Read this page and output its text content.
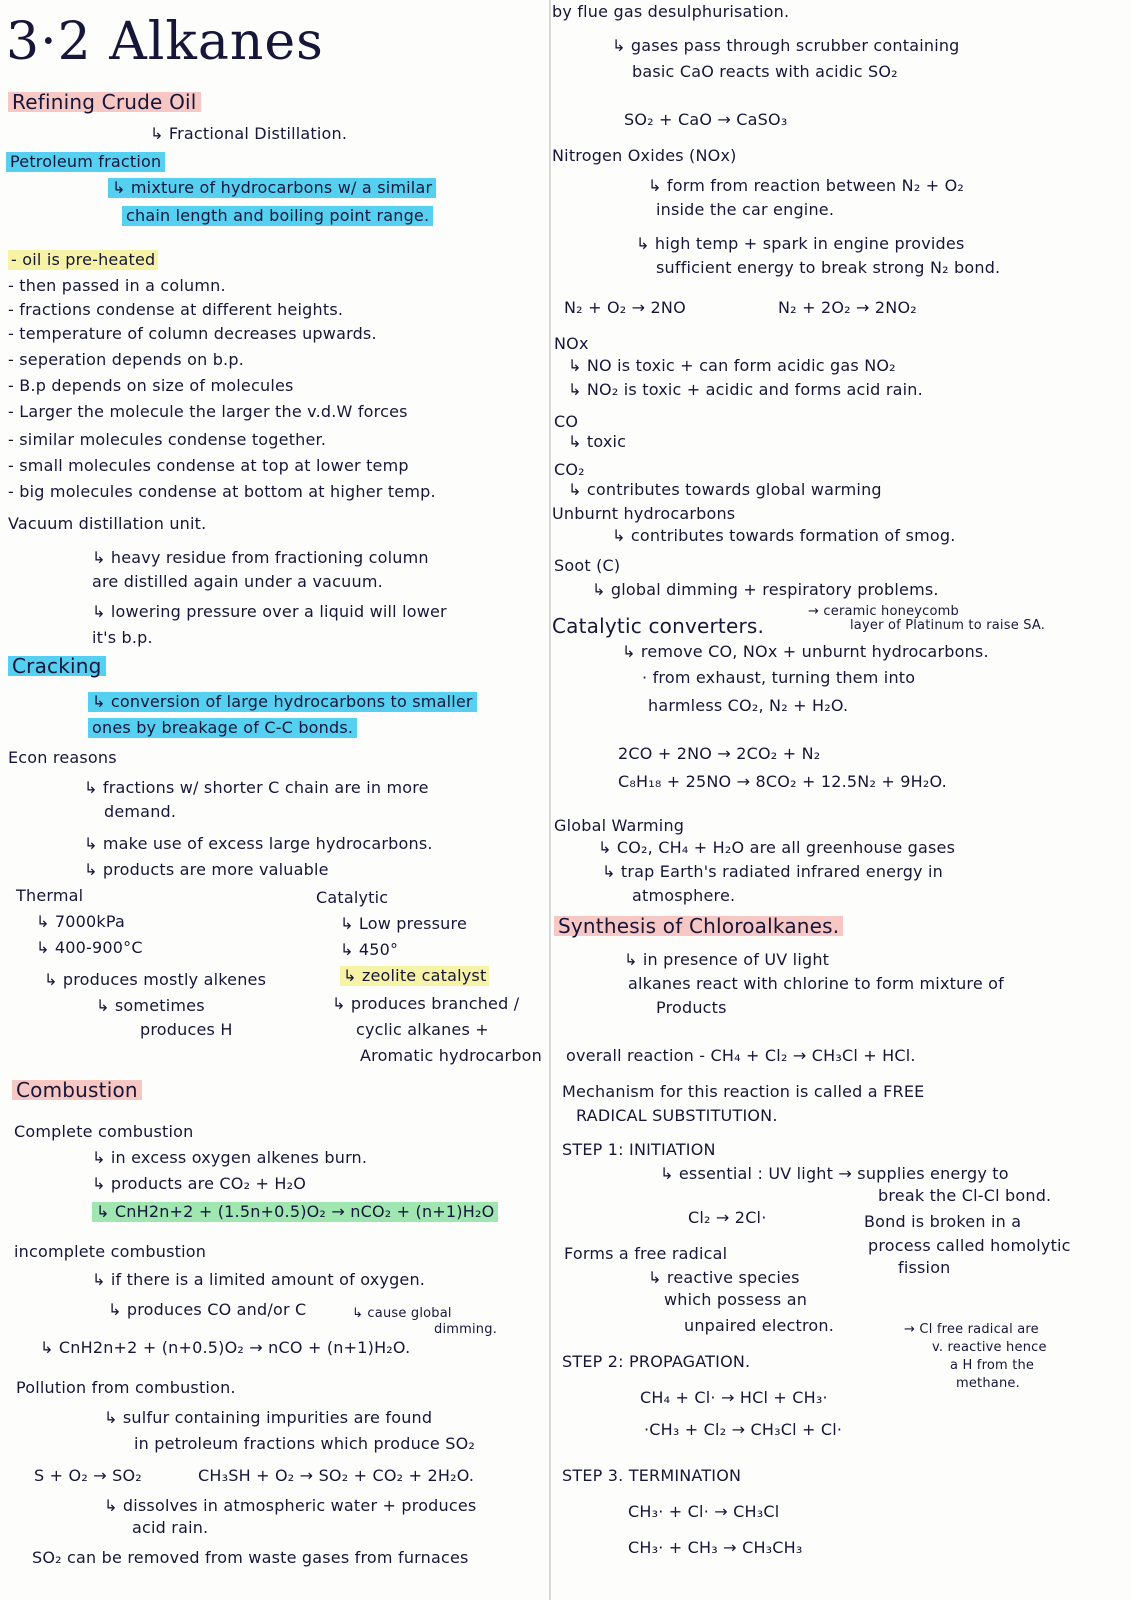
3·2 Alkanes
Refining Crude Oil
↳ Fractional Distillation.
Petroleum fraction
↳ mixture of hydrocarbons w/ a similar
chain length and boiling point range.
- oil is pre-heated
- then passed in a column.
- fractions condense at different heights.
- temperature of column decreases upwards.
- seperation depends on b.p.
- B.p depends on size of molecules
- Larger the molecule the larger the v.d.W forces
- similar molecules condense together.
- small molecules condense at top at lower temp
- big molecules condense at bottom at higher temp.
Vacuum distillation unit.
↳ heavy residue from fractioning column
are distilled again under a vacuum.
↳ lowering pressure over a liquid will lower
it's b.p.
Cracking
↳ conversion of large hydrocarbons to smaller
ones by breakage of C-C bonds.
Econ reasons
↳ fractions w/ shorter C chain are in more
demand.
↳ make use of excess large hydrocarbons.
↳ products are more valuable
Thermal
↳ 7000kPa
↳ 400-900°C
↳ produces mostly alkenes
↳ sometimes
produces H
Catalytic
↳ Low pressure
↳ 450°
↳ zeolite catalyst
↳ produces branched /
cyclic alkanes +
Aromatic hydrocarbon
Combustion
Complete combustion
↳ in excess oxygen alkenes burn.
↳ products are CO₂ + H₂O
↳ CnH2n+2 + (1.5n+0.5)O₂ → nCO₂ + (n+1)H₂O
incomplete combustion
↳ if there is a limited amount of oxygen.
↳ produces CO and/or C	↳ cause global
dimming.
↳ CnH2n+2 + (n+0.5)O₂ → nCO + (n+1)H₂O.
Pollution from combustion.
↳ sulfur containing impurities are found
in petroleum fractions which produce SO₂
S + O₂ → SO₂	CH₃SH + O₂ → SO₂ + CO₂ + 2H₂O.
↳ dissolves in atmospheric water + produces
acid rain.
SO₂ can be removed from waste gases from furnaces
by flue gas desulphurisation.
↳ gases pass through scrubber containing
basic CaO reacts with acidic SO₂
SO₂ + CaO → CaSO₃
Nitrogen Oxides (NOx)
↳ form from reaction between N₂ + O₂
inside the car engine.
↳ high temp + spark in engine provides
sufficient energy to break strong N₂ bond.
N₂ + O₂ → 2NO	N₂ + 2O₂ → 2NO₂
NOx
↳ NO is toxic + can form acidic gas NO₂
↳ NO₂ is toxic + acidic and forms acid rain.
CO
↳ toxic
CO₂
↳ contributes towards global warming
Unburnt hydrocarbons
↳ contributes towards formation of smog.
Soot (C)
↳ global dimming + respiratory problems.
Catalytic converters.
→ ceramic honeycomb
layer of Platinum to raise SA.
↳ remove CO, NOx + unburnt hydrocarbons.
· from exhaust, turning them into
harmless CO₂, N₂ + H₂O.
2CO + 2NO → 2CO₂ + N₂
C₈H₁₈ + 25NO → 8CO₂ + 12.5N₂ + 9H₂O.
Global Warming
↳ CO₂, CH₄ + H₂O are all greenhouse gases
↳ trap Earth's radiated infrared energy in
atmosphere.
Synthesis of Chloroalkanes.
↳ in presence of UV light
alkanes react with chlorine to form mixture of
Products
overall reaction - CH₄ + Cl₂ → CH₃Cl + HCl.
Mechanism for this reaction is called a FREE
RADICAL SUBSTITUTION.
STEP 1: INITIATION
↳ essential : UV light → supplies energy to
break the Cl-Cl bond.
Cl₂ → 2Cl·	Bond is broken in a
process called homolytic
fission
Forms a free radical
↳ reactive species
which possess an
unpaired electron.
STEP 2: PROPAGATION.
→ Cl free radical are
v. reactive hence
a H from the
methane.
CH₄ + Cl· → HCl + CH₃·
·CH₃ + Cl₂ → CH₃Cl + Cl·
STEP 3. TERMINATION
CH₃· + Cl· → CH₃Cl
CH₃· + CH₃ → CH₃CH₃
